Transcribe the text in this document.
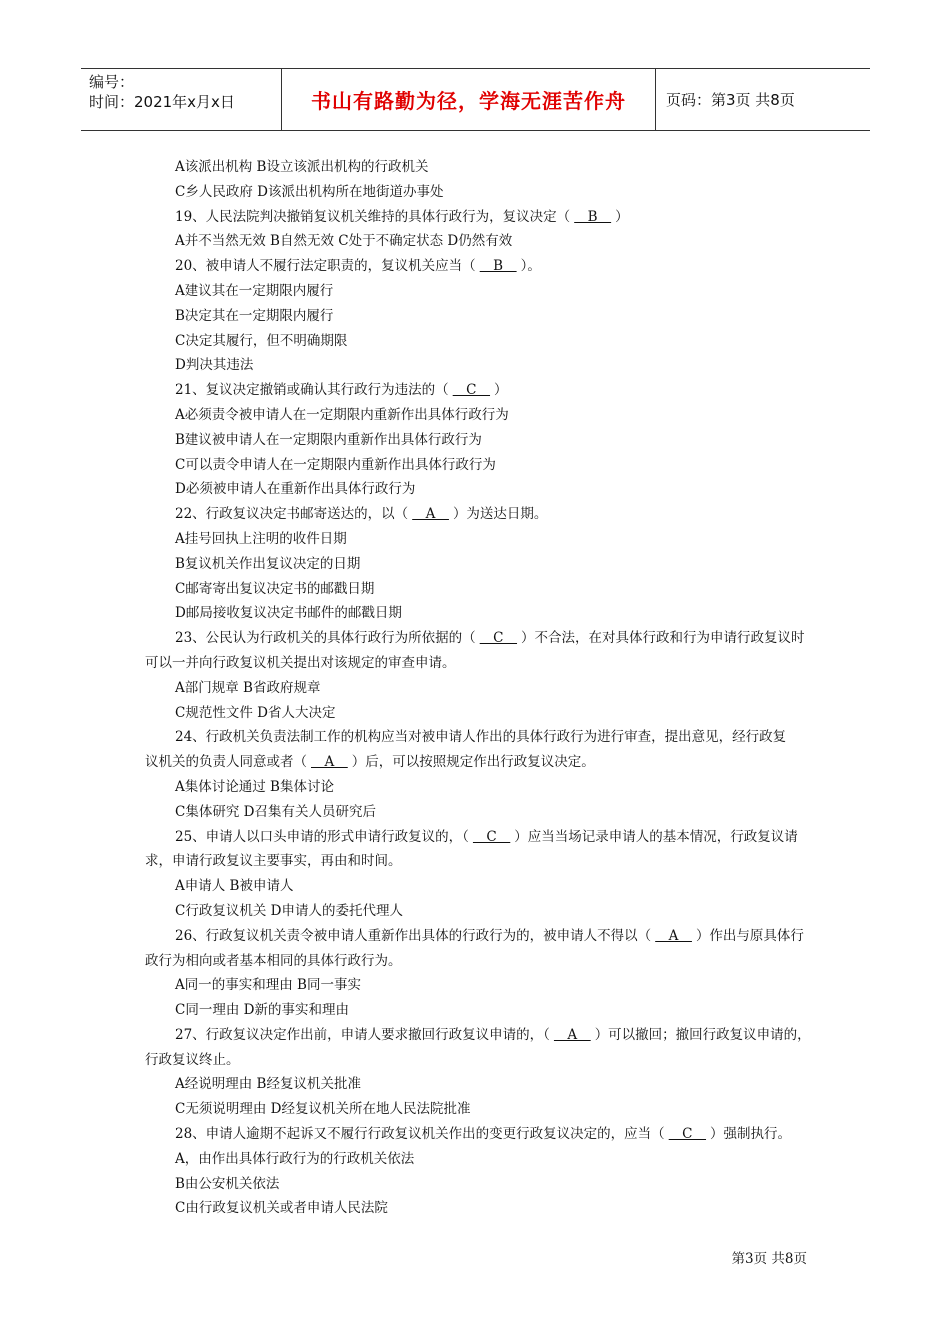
编号：
时间：2021年x月x日	书山有路勤为径，学海无涯苦作舟	页码：第3页 共8页
A该派出机构 B设立该派出机构的行政机关
C乡人民政府 D该派出机构所在地街道办事处
19、人民法院判决撤销复议机关维持的具体行政行为，复议决定（　B　）
A并不当然无效 B自然无效 C处于不确定状态 D仍然有效
20、被申请人不履行法定职责的，复议机关应当（　B　）。
A建议其在一定期限内履行
B决定其在一定期限内履行
C决定其履行，但不明确期限
D判决其违法
21、复议决定撤销或确认其行政行为违法的（　C　）
A必须责令被申请人在一定期限内重新作出具体行政行为
B建议被申请人在一定期限内重新作出具体行政行为
C可以责令申请人在一定期限内重新作出具体行政行为
D必须被申请人在重新作出具体行政行为
22、行政复议决定书邮寄送达的，以（　A　）为送达日期。
A挂号回执上注明的收件日期
B复议机关作出复议决定的日期
C邮寄寄出复议决定书的邮戳日期
D邮局接收复议决定书邮件的邮戳日期
23、公民认为行政机关的具体行政行为所依据的（　C　）不合法，在对具体行政和行为申请行政复议时
可以一并向行政复议机关提出对该规定的审查申请。
A部门规章 B省政府规章
C规范性文件 D省人大决定
24、行政机关负责法制工作的机构应当对被申请人作出的具体行政行为进行审查，提出意见，经行政复
议机关的负责人同意或者（　A　）后，可以按照规定作出行政复议决定。
A集体讨论通过 B集体讨论
C集体研究 D召集有关人员研究后
25、申请人以口头申请的形式申请行政复议的，（　C　）应当当场记录申请人的基本情况，行政复议请
求，申请行政复议主要事实，再由和时间。
A申请人 B被申请人
C行政复议机关 D申请人的委托代理人
26、行政复议机关责令被申请人重新作出具体的行政行为的，被申请人不得以（　A　）作出与原具体行
政行为相向或者基本相同的具体行政行为。
A同一的事实和理由 B同一事实
C同一理由 D新的事实和理由
27、行政复议决定作出前，申请人要求撤回行政复议申请的，（　A　）可以撤回；撤回行政复议申请的，
行政复议终止。
A经说明理由 B经复议机关批准
C无须说明理由 D经复议机关所在地人民法院批准
28、申请人逾期不起诉又不履行行政复议机关作出的变更行政复议决定的，应当（　C　）强制执行。
A，由作出具体行政行为的行政机关依法
B由公安机关依法
C由行政复议机关或者申请人民法院
第3页 共8页
